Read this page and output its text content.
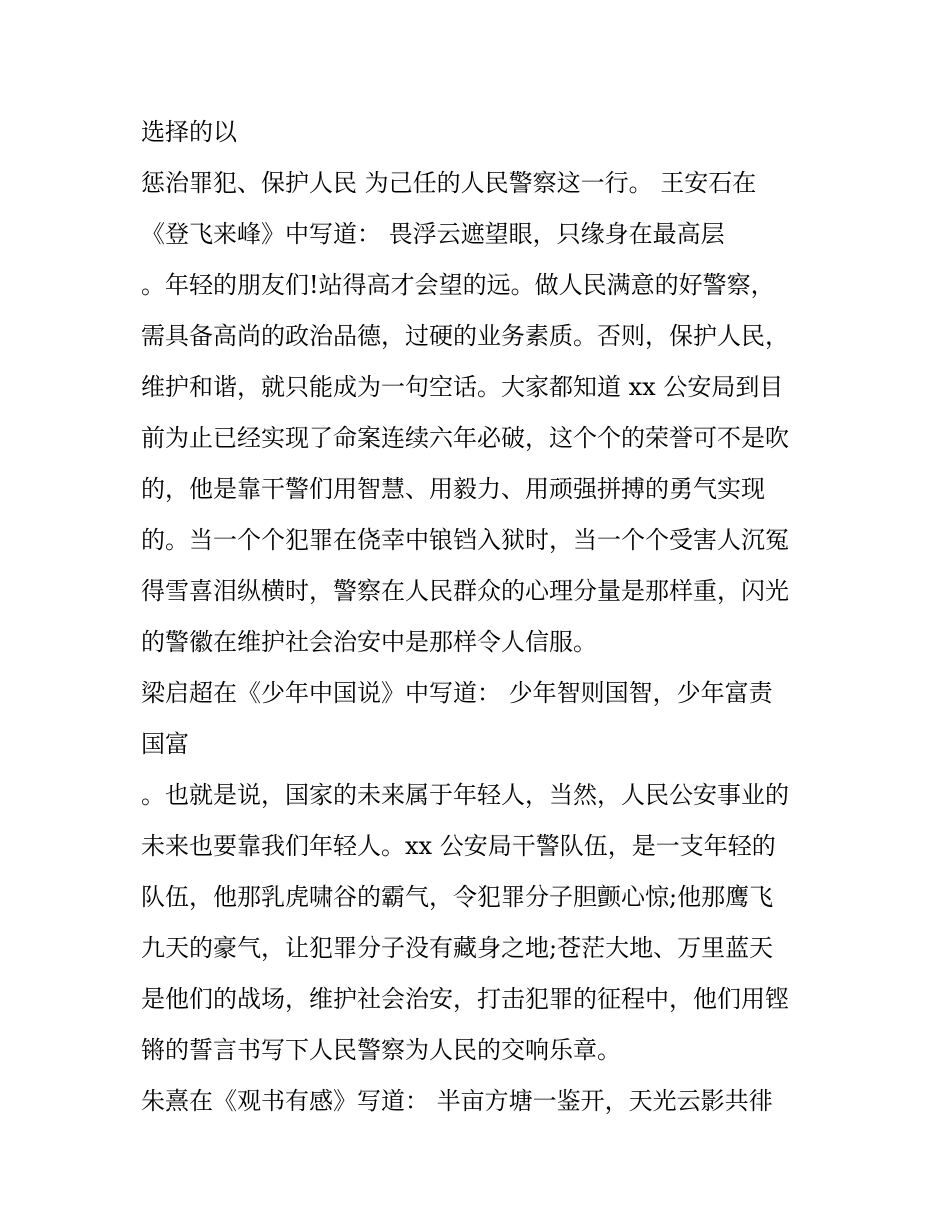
选择的以
惩治罪犯、保护人民 为己任的人民警察这一行。 王安石在
《登飞来峰》中写道： 畏浮云遮望眼，只缘身在最高层
。年轻的朋友们!站得高才会望的远。做人民满意的好警察，
需具备高尚的政治品德，过硬的业务素质。否则，保护人民，
维护和谐，就只能成为一句空话。大家都知道 xx 公安局到目
前为止已经实现了命案连续六年必破，这个个的荣誉可不是吹
的，他是靠干警们用智慧、用毅力、用顽强拼搏的勇气实现
的。当一个个犯罪在侥幸中锒铛入狱时，当一个个受害人沉冤
得雪喜泪纵横时，警察在人民群众的心理分量是那样重，闪光
的警徽在维护社会治安中是那样令人信服。
梁启超在《少年中国说》中写道： 少年智则国智，少年富责
国富
。也就是说，国家的未来属于年轻人，当然，人民公安事业的
未来也要靠我们年轻人。xx 公安局干警队伍，是一支年轻的
队伍，他那乳虎啸谷的霸气，令犯罪分子胆颤心惊;他那鹰飞
九天的豪气，让犯罪分子没有藏身之地;苍茫大地、万里蓝天
是他们的战场，维护社会治安，打击犯罪的征程中，他们用铿
锵的誓言书写下人民警察为人民的交响乐章。
朱熹在《观书有感》写道： 半亩方塘一鉴开，天光云影共徘
